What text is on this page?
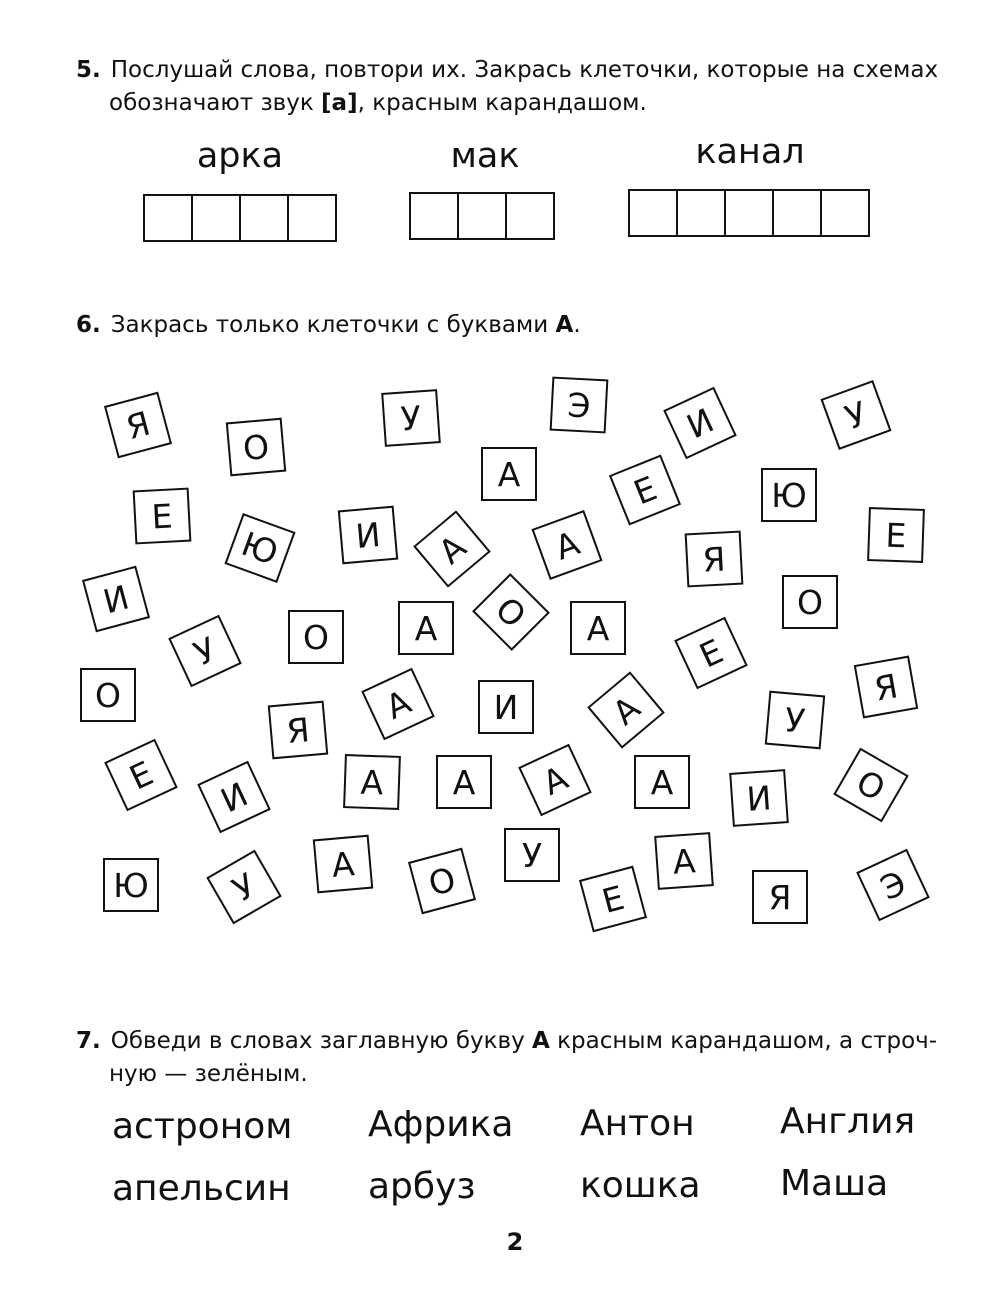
5. Послушай слова, повтори их. Закрась клеточки, которые на схемах
обозначают звук [а], красным карандашом.
арка	мак	канал
6. Закрась только клеточки с буквами А.
Я
О
У	Э	И	У
А	Е	Ю
Е
Ю	И	А	А	Я
Е
И
У	О	А	О	А
Е
О
О	А	И	А
Я
Я
У
Е	И	А	А	А	А	И	О
Ю	У
А	О
У
Е
А
Я	Э
7. Обведи в словах заглавную букву А красным карандашом, а строч-
ную — зелёным.
астроном Африка Антон Англия
апельсин арбуз	кошка Маша
2
